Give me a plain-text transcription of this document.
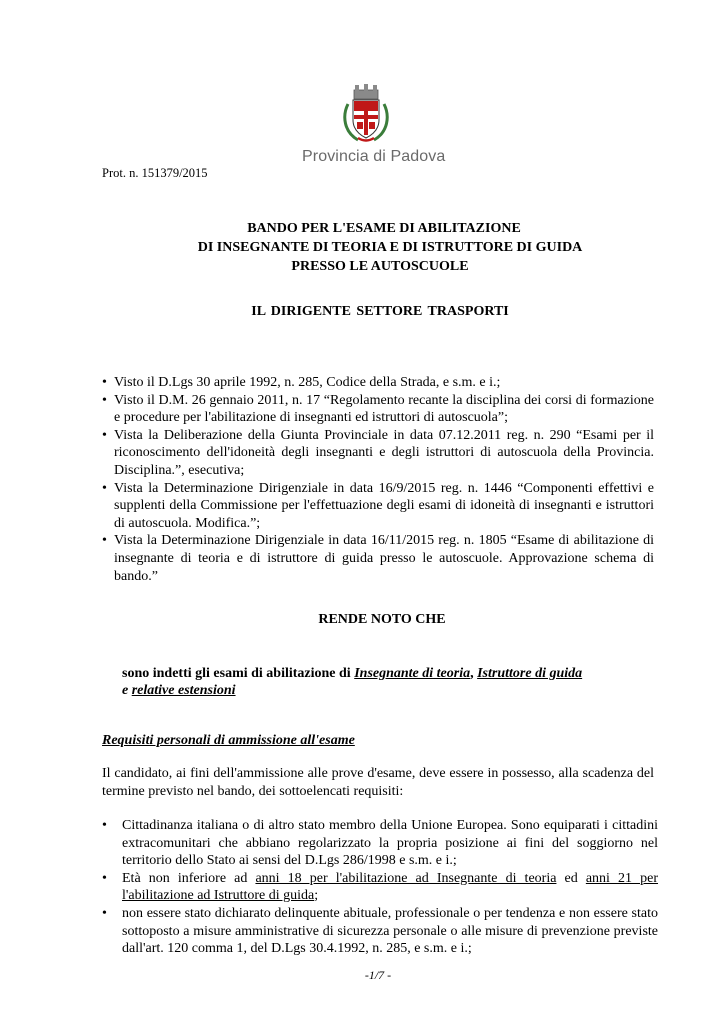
Provincia di Padova
Prot. n. 151379/2015
BANDO PER L'ESAME DI ABILITAZIONE
DI INSEGNANTE DI TEORIA E DI ISTRUTTORE DI GUIDA
PRESSO LE AUTOSCUOLE
IL DIRIGENTE SETTORE TRASPORTI
• Visto il D.Lgs 30 aprile 1992, n. 285, Codice della Strada, e s.m. e i.;
• Visto il D.M. 26 gennaio 2011, n. 17 “Regolamento recante la disciplina dei corsi di formazione e procedure per l'abilitazione di insegnanti ed istruttori di autoscuola”;
• Vista la Deliberazione della Giunta Provinciale in data 07.12.2011 reg. n. 290 “Esami per il riconoscimento dell'idoneità degli insegnanti e degli istruttori di autoscuola della Provincia. Disciplina.”, esecutiva;
• Vista la Determinazione Dirigenziale in data 16/9/2015 reg. n. 1446 “Componenti effettivi e supplenti della Commissione per l'effettuazione degli esami di idoneità di insegnanti e istruttori di autoscuola. Modifica.”;
• Vista la Determinazione Dirigenziale in data 16/11/2015 reg. n. 1805 “Esame di abilitazione di insegnante di teoria e di istruttore di guida presso le autoscuole. Approvazione schema di bando.”
RENDE NOTO CHE
sono indetti gli esami di abilitazione di Insegnante di teoria, Istruttore di guida
e relative estensioni
Requisiti personali di ammissione all'esame
Il candidato, ai fini dell'ammissione alle prove d'esame, deve essere in possesso, alla scadenza del termine previsto nel bando, dei sottoelencati requisiti:
• Cittadinanza italiana o di altro stato membro della Unione Europea. Sono equiparati i cittadini extracomunitari che abbiano regolarizzato la propria posizione ai fini del soggiorno nel territorio dello Stato ai sensi del D.Lgs 286/1998 e s.m. e i.;
• Età non inferiore ad anni 18 per l'abilitazione ad Insegnante di teoria ed anni 21 per l'abilitazione ad Istruttore di guida;
• non essere stato dichiarato delinquente abituale, professionale o per tendenza e non essere stato sottoposto a misure amministrative di sicurezza personale o alle misure di prevenzione previste dall'art. 120 comma 1, del D.Lgs 30.4.1992, n. 285, e s.m. e i.;
-1/7 -
